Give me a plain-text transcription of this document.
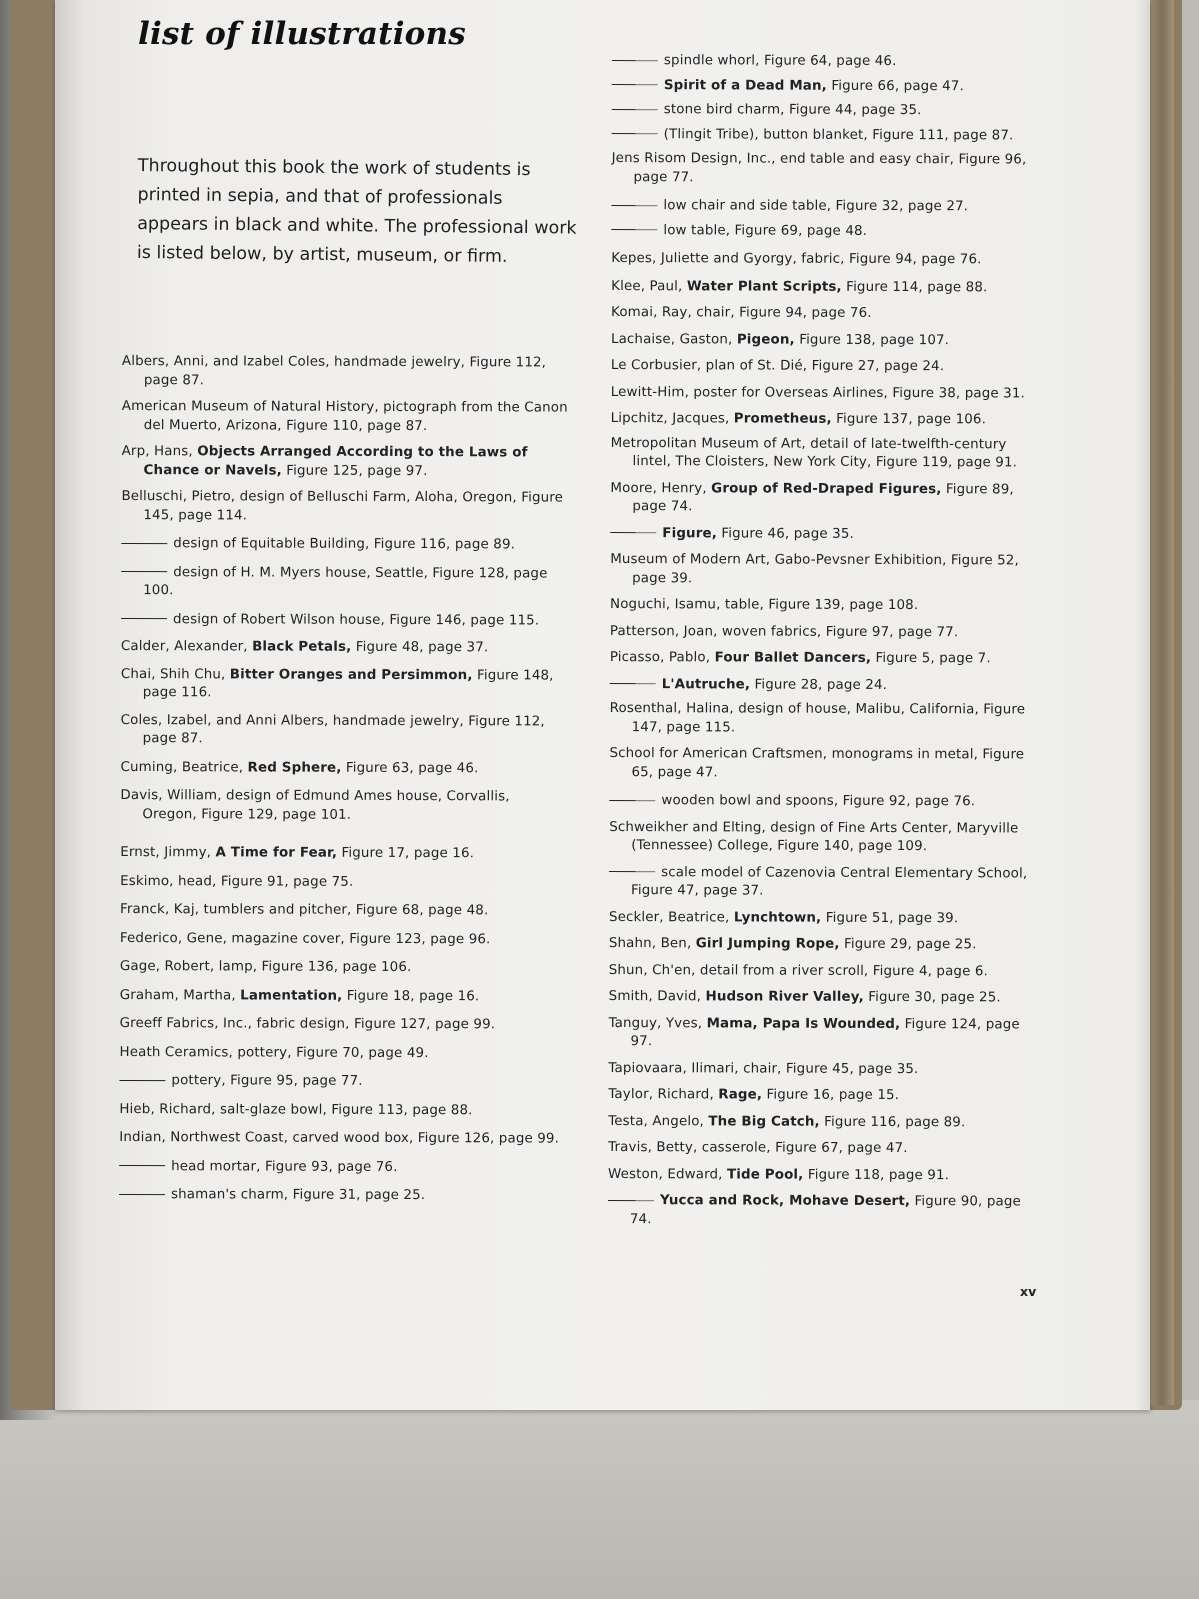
list of illustrations

Throughout this book the work of students is printed in sepia, and that of professionals appears in black and white. The professional work is listed below, by artist, museum, or firm.

Albers, Anni, and Izabel Coles, handmade jewelry, Figure 112, page 87.
American Museum of Natural History, pictograph from the Canon del Muerto, Arizona, Figure 110, page 87.
Arp, Hans, Objects Arranged According to the Laws of Chance or Navels, Figure 125, page 97.
Belluschi, Pietro, design of Belluschi Farm, Aloha, Oregon, Figure 145, page 114.
design of Equitable Building, Figure 116, page 89.
design of H. M. Myers house, Seattle, Figure 128, page 100.
design of Robert Wilson house, Figure 146, page 115.
Calder, Alexander, Black Petals, Figure 48, page 37.
Chai, Shih Chu, Bitter Oranges and Persimmon, Figure 148, page 116.
Coles, Izabel, and Anni Albers, handmade jewelry, Figure 112, page 87.
Cuming, Beatrice, Red Sphere, Figure 63, page 46.
Davis, William, design of Edmund Ames house, Corvallis, Oregon, Figure 129, page 101.
Ernst, Jimmy, A Time for Fear, Figure 17, page 16.
Eskimo, head, Figure 91, page 75.
Franck, Kaj, tumblers and pitcher, Figure 68, page 48.
Federico, Gene, magazine cover, Figure 123, page 96.
Gage, Robert, lamp, Figure 136, page 106.
Graham, Martha, Lamentation, Figure 18, page 16.
Greeff Fabrics, Inc., fabric design, Figure 127, page 99.
Heath Ceramics, pottery, Figure 70, page 49.
pottery, Figure 95, page 77.
Hieb, Richard, salt-glaze bowl, Figure 113, page 88.
Indian, Northwest Coast, carved wood box, Figure 126, page 99.
head mortar, Figure 93, page 76.
shaman's charm, Figure 31, page 25.
spindle whorl, Figure 64, page 46.
Spirit of a Dead Man, Figure 66, page 47.
stone bird charm, Figure 44, page 35.
(Tlingit Tribe), button blanket, Figure 111, page 87.
Jens Risom Design, Inc., end table and easy chair, Figure 96, page 77.
low chair and side table, Figure 32, page 27.
low table, Figure 69, page 48.
Kepes, Juliette and Gyorgy, fabric, Figure 94, page 76.
Klee, Paul, Water Plant Scripts, Figure 114, page 88.
Komai, Ray, chair, Figure 94, page 76.
Lachaise, Gaston, Pigeon, Figure 138, page 107.
Le Corbusier, plan of St. Dié, Figure 27, page 24.
Lewitt-Him, poster for Overseas Airlines, Figure 38, page 31.
Lipchitz, Jacques, Prometheus, Figure 137, page 106.
Metropolitan Museum of Art, detail of late-twelfth-century lintel, The Cloisters, New York City, Figure 119, page 91.
Moore, Henry, Group of Red-Draped Figures, Figure 89, page 74.
Figure, Figure 46, page 35.
Museum of Modern Art, Gabo-Pevsner Exhibition, Figure 52, page 39.
Noguchi, Isamu, table, Figure 139, page 108.
Patterson, Joan, woven fabrics, Figure 97, page 77.
Picasso, Pablo, Four Ballet Dancers, Figure 5, page 7.
L'Autruche, Figure 28, page 24.
Rosenthal, Halina, design of house, Malibu, California, Figure 147, page 115.
School for American Craftsmen, monograms in metal, Figure 65, page 47.
wooden bowl and spoons, Figure 92, page 76.
Schweikher and Elting, design of Fine Arts Center, Maryville (Tennessee) College, Figure 140, page 109.
scale model of Cazenovia Central Elementary School, Figure 47, page 37.
Seckler, Beatrice, Lynchtown, Figure 51, page 39.
Shahn, Ben, Girl Jumping Rope, Figure 29, page 25.
Shun, Ch'en, detail from a river scroll, Figure 4, page 6.
Smith, David, Hudson River Valley, Figure 30, page 25.
Tanguy, Yves, Mama, Papa Is Wounded, Figure 124, page 97.
Tapiovaara, Ilimari, chair, Figure 45, page 35.
Taylor, Richard, Rage, Figure 16, page 15.
Testa, Angelo, The Big Catch, Figure 116, page 89.
Travis, Betty, casserole, Figure 67, page 47.
Weston, Edward, Tide Pool, Figure 118, page 91.
Yucca and Rock, Mohave Desert, Figure 90, page 74.
xv
